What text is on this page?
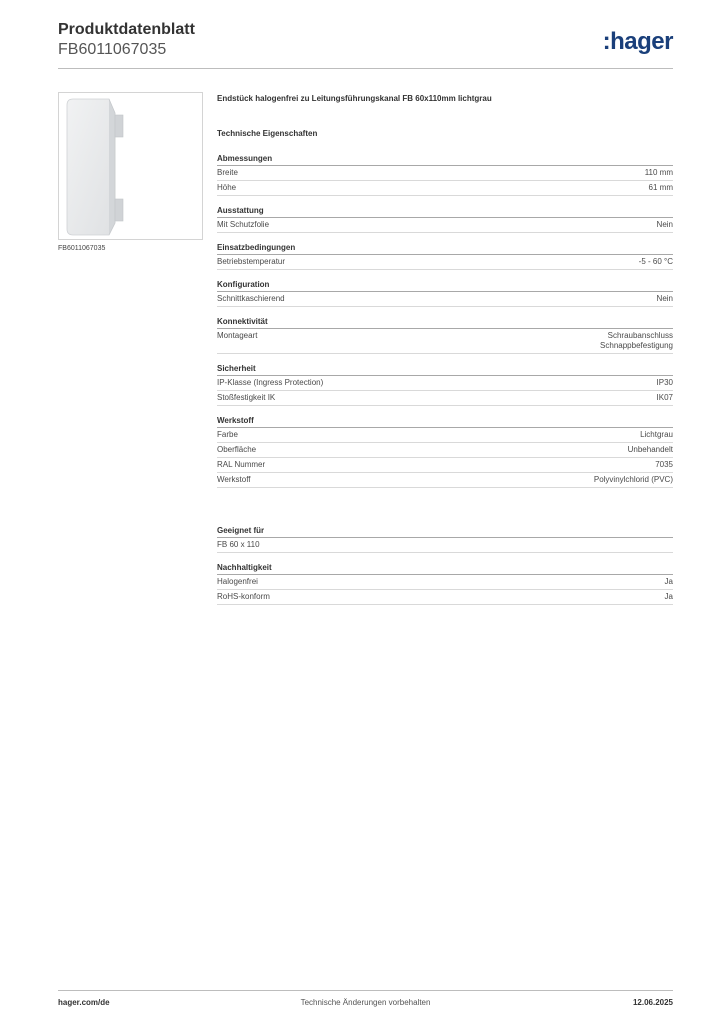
Produktdatenblatt
FB6011067035	:hager
FB6011067035
Endstück halogenfrei zu Leitungsführungskanal FB 60x110mm lichtgrau
Technische Eigenschaften
Abmessungen
Breite	110 mm
Höhe	61 mm
Ausstattung
Mit Schutzfolie	Nein
Einsatzbedingungen
Betriebstemperatur	-5 - 60 °C
Konfiguration
Schnittkaschierend	Nein
Konnektivität
Montageart	Schraubanschluss
Schnappbefestigung
Sicherheit
IP-Klasse (Ingress Protection)	IP30
Stoßfestigkeit IK	IK07
Werkstoff
Farbe	Lichtgrau
Oberfläche	Unbehandelt
RAL Nummer	7035
Werkstoff	Polyvinylchlorid (PVC)
Geeignet für
FB 60 x 110
Nachhaltigkeit
Halogenfrei	Ja
RoHS-konform	Ja
hager.com/de	Technische Änderungen vorbehalten	12.06.2025
